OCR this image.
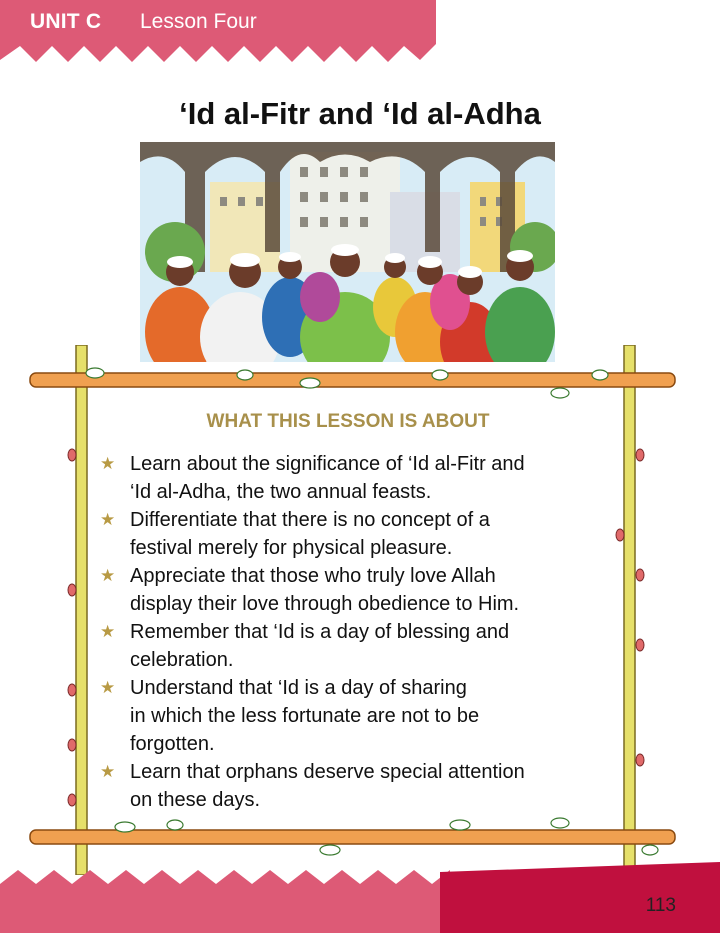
UNIT C Lesson Four
‘Id al-Fitr and ‘Id al-Adha
WHAT THIS LESSON IS ABOUT
★ Learn about the significance of ‘Id al-Fitr and
‘Id al-Adha, the two annual feasts.
★ Differentiate that there is no concept of a
festival merely for physical pleasure.
★ Appreciate that those who truly love Allah
display their love through obedience to Him.
★ Remember that ‘Id is a day of blessing and
celebration.
★ Understand that ‘Id is a day of sharing
in which the less fortunate are not to be
forgotten.
★ Learn that orphans deserve special attention
on these days.
113
